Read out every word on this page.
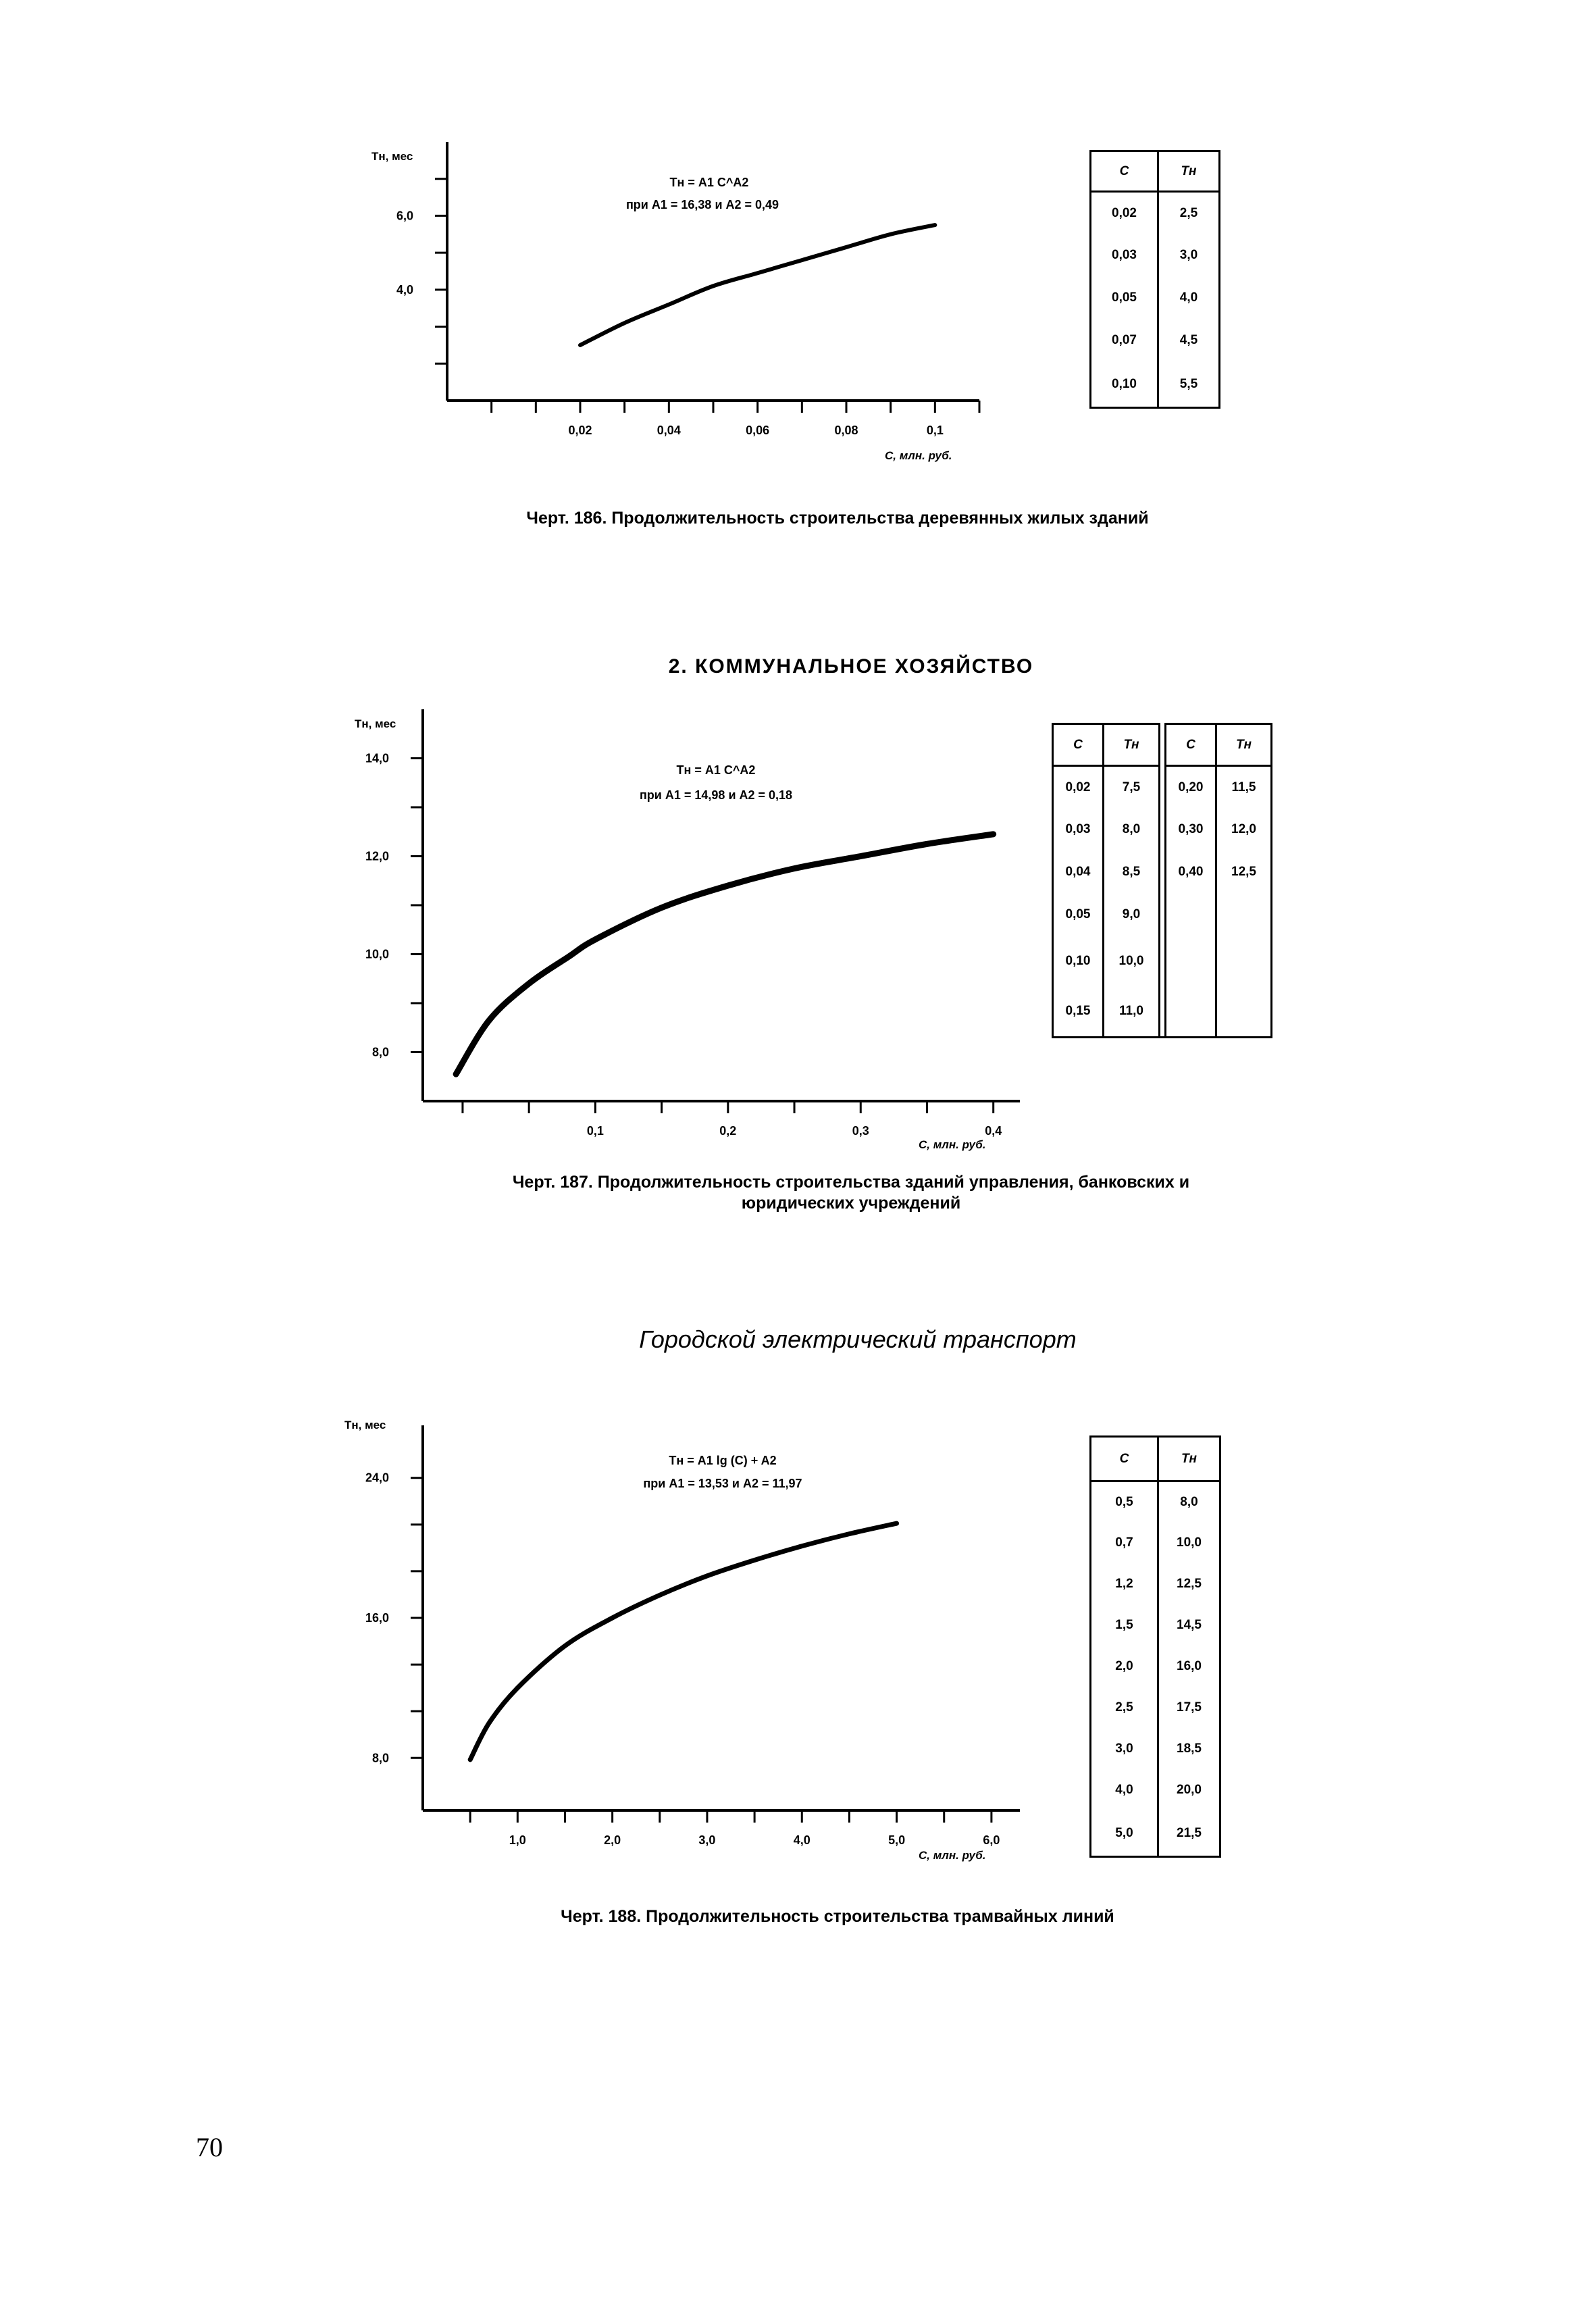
Tн, мес
C, млн. руб.
Tн = A1 C^A2
при A1 = 16,38 и A2 = 0,49
4,0
6,0
0,02	0,04	0,06	0,08	0,1
C	Tн
0,02	2,5
0,03	3,0
0,05	4,0
0,07	4,5
0,10	5,5
Черт. 186. Продолжительность строительства деревянных жилых зданий
2. КОММУНАЛЬНОЕ ХОЗЯЙСТВО
Tн, мес
C, млн. руб.
Tн = A1 C^A2
при A1 = 14,98 и A2 = 0,18
8,0
10,0
12,0
14,0
0,1	0,2	0,3	0,4
C	Tн		C	Tн
0,02	7,5		0,20	11,5
0,03	8,0		0,30	12,0
0,04	8,5		0,40	12,5
0,05	9,0			
0,10	10,0			
0,15	11,0			
Черт. 187. Продолжительность строительства зданий управления, банковских и юридических учреждений
Городской электрический транспорт
Tн, мес
C, млн. руб.
Tн = A1 lg (C) + A2
при A1 = 13,53 и A2 = 11,97
8,0
16,0
24,0
1,0	2,0	3,0	4,0	5,0	6,0
C	Tн
0,5	8,0
0,7	10,0
1,2	12,5
1,5	14,5
2,0	16,0
2,5	17,5
3,0	18,5
4,0	20,0
5,0	21,5
Черт. 188. Продолжительность строительства трамвайных линий
70
